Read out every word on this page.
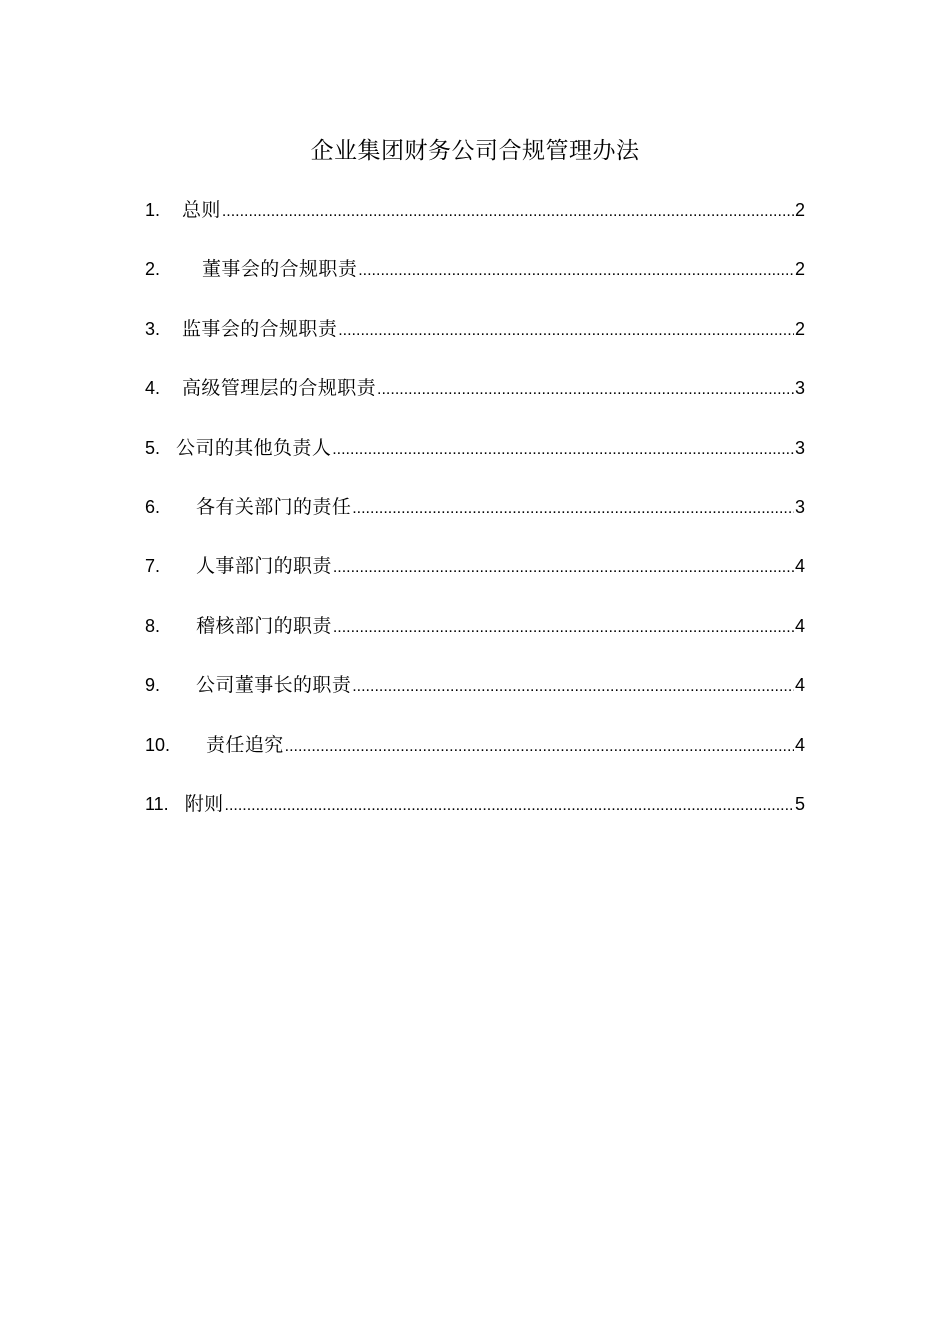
企业集团财务公司合规管理办法
1. 总则 .....	2
2. 董事会的合规职责 .....	2
3. 监事会的合规职责 .....	2
4. 高级管理层的合规职责 .....	3
5. 公司的其他负责人 .....	3
6. 各有关部门的责任 .....	3
7. 人事部门的职责 .....	4
8. 稽核部门的职责 .....	4
9. 公司董事长的职责 .....	4
10. 责任追究 .....	4
11. 附则 .....	5
